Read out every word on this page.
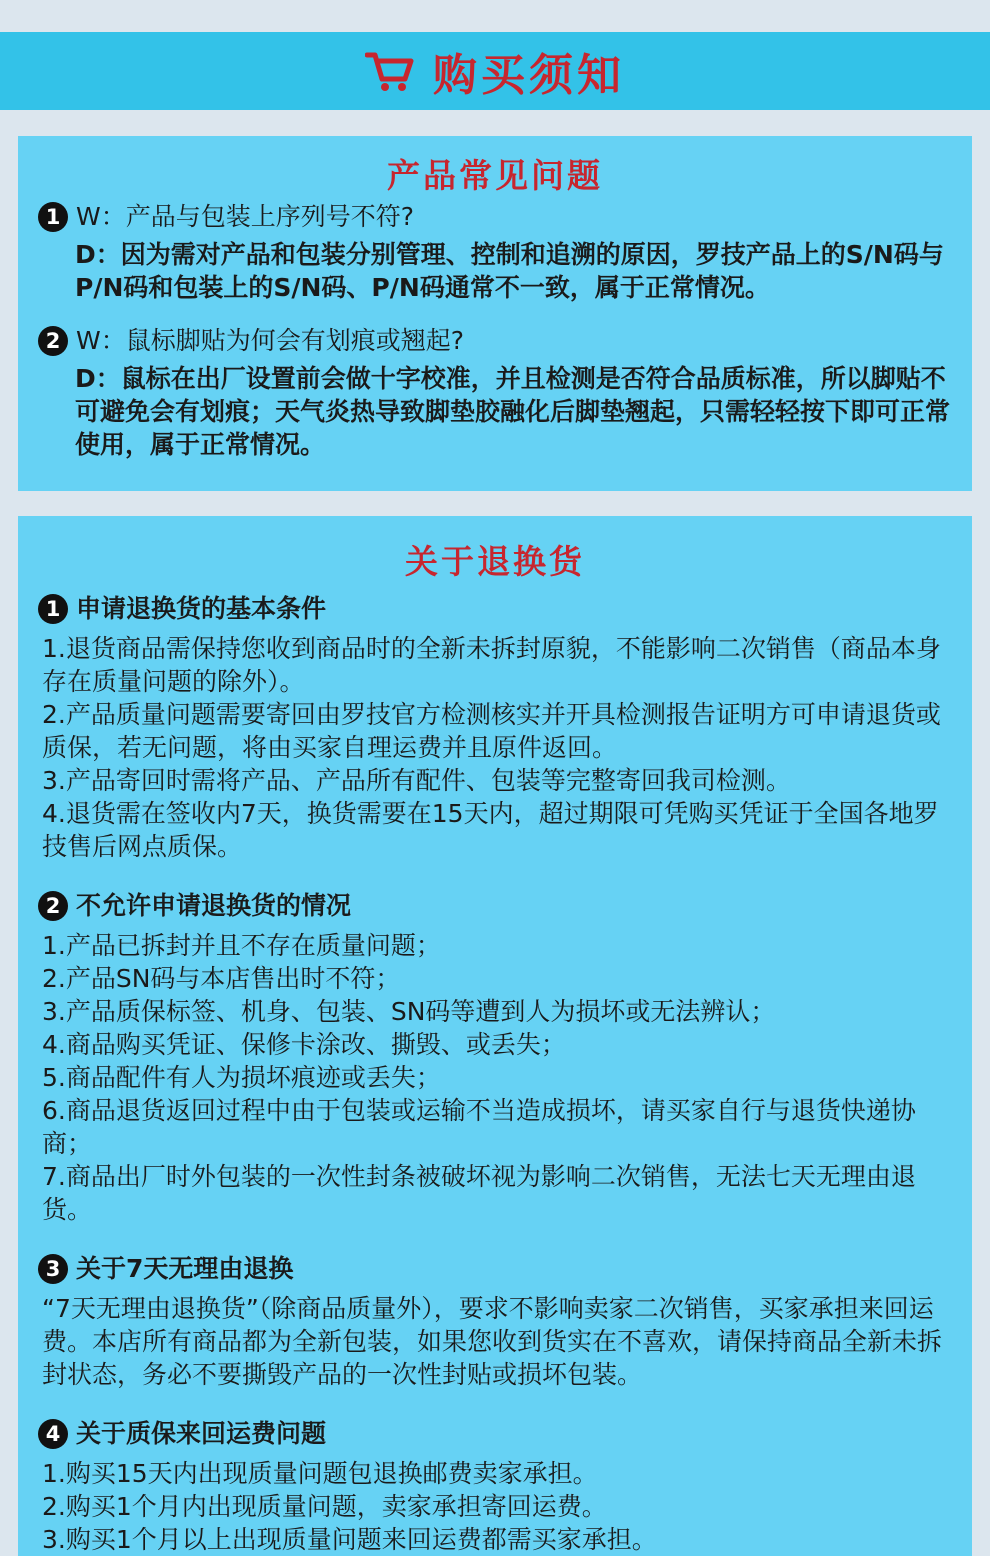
购买须知
产品常见问题
1 W：产品与包装上序列号不符?
D：因为需对产品和包装分别管理、控制和追溯的原因，罗技产品上的S/N码与P/N码和包装上的S/N码、P/N码通常不一致，属于正常情况。
2 W：鼠标脚贴为何会有划痕或翘起?
D：鼠标在出厂设置前会做十字校准，并且检测是否符合品质标准，所以脚贴不可避免会有划痕；天气炎热导致脚垫胶融化后脚垫翘起，只需轻轻按下即可正常使用，属于正常情况。
关于退换货
1 申请退换货的基本条件
1.退货商品需保持您收到商品时的全新未拆封原貌，不能影响二次销售（商品本身存在质量问题的除外）。
2.产品质量问题需要寄回由罗技官方检测核实并开具检测报告证明方可申请退货或质保，若无问题，将由买家自理运费并且原件返回。
3.产品寄回时需将产品、产品所有配件、包装等完整寄回我司检测。
4.退货需在签收内7天，换货需要在15天内，超过期限可凭购买凭证于全国各地罗技售后网点质保。
2 不允许申请退换货的情况
1.产品已拆封并且不存在质量问题；
2.产品SN码与本店售出时不符；
3.产品质保标签、机身、包装、SN码等遭到人为损坏或无法辨认；
4.商品购买凭证、保修卡涂改、撕毁、或丢失；
5.商品配件有人为损坏痕迹或丢失；
6.商品退货返回过程中由于包装或运输不当造成损坏，请买家自行与退货快递协商；
7.商品出厂时外包装的一次性封条被破坏视为影响二次销售，无法七天无理由退货。
3 关于7天无理由退换
“7天无理由退换货”（除商品质量外），要求不影响卖家二次销售，买家承担来回运费。本店所有商品都为全新包装，如果您收到货实在不喜欢，请保持商品全新未拆封状态，务必不要撕毁产品的一次性封贴或损坏包装。
4 关于质保来回运费问题
1.购买15天内出现质量问题包退换邮费卖家承担。
2.购买1个月内出现质量问题，卖家承担寄回运费。
3.购买1个月以上出现质量问题来回运费都需买家承担。
